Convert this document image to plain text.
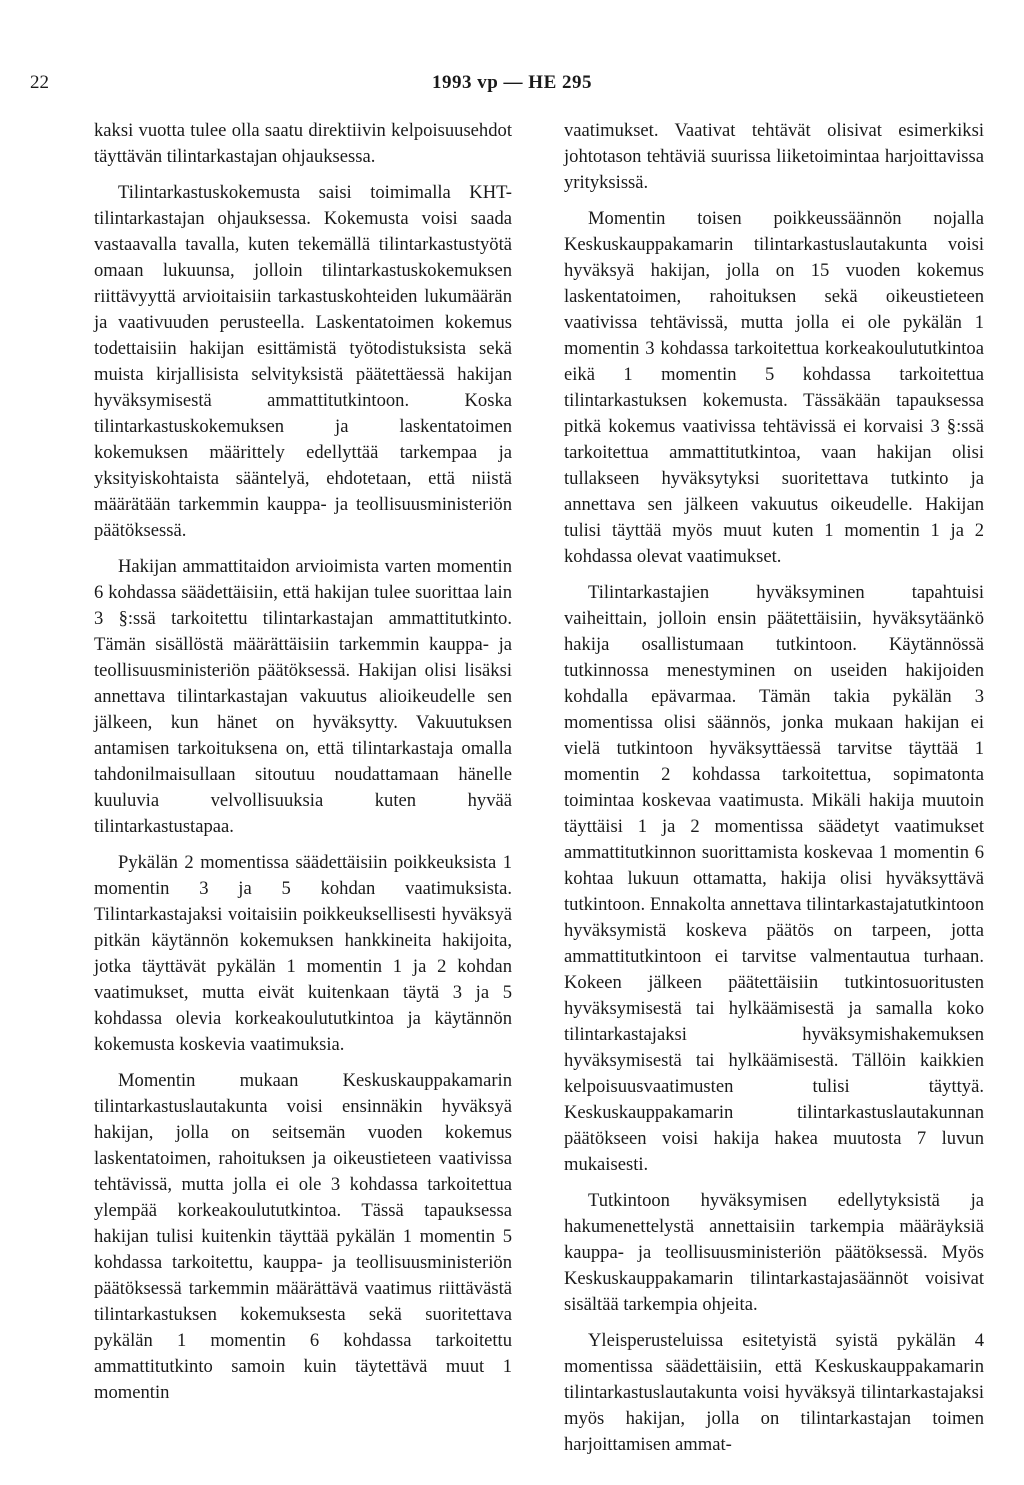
22	1993 vp — HE 295

kaksi vuotta tulee olla saatu direktiivin kelpoisuusehdot täyttävän tilintarkastajan ohjauksessa.

Tilintarkastuskokemusta saisi toimimalla KHT-tilintarkastajan ohjauksessa. Kokemusta voisi saada vastaavalla tavalla, kuten tekemällä tilintarkastustyötä omaan lukuunsa, jolloin tilintarkastuskokemuksen riittävyyttä arvioitaisiin tarkastuskohteiden lukumäärän ja vaativuuden perusteella. Laskentatoimen kokemus todettaisiin hakijan esittämistä työtodistuksista sekä muista kirjallisista selvityksistä päätettäessä hakijan hyväksymisestä ammattitutkintoon. Koska tilintarkastuskokemuksen ja laskentatoimen kokemuksen määrittely edellyttää tarkempaa ja yksityiskohtaista sääntelyä, ehdotetaan, että niistä määrätään tarkemmin kauppa- ja teollisuusministeriön päätöksessä.

Hakijan ammattitaidon arvioimista varten momentin 6 kohdassa säädettäisiin, että hakijan tulee suorittaa lain 3 §:ssä tarkoitettu tilintarkastajan ammattitutkinto. Tämän sisällöstä määrättäisiin tarkemmin kauppa- ja teollisuusministeriön päätöksessä. Hakijan olisi lisäksi annettava tilintarkastajan vakuutus alioikeudelle sen jälkeen, kun hänet on hyväksytty. Vakuutuksen antamisen tarkoituksena on, että tilintarkastaja omalla tahdonilmaisullaan sitoutuu noudattamaan hänelle kuuluvia velvollisuuksia kuten hyvää tilintarkastustapaa.

Pykälän 2 momentissa säädettäisiin poikkeuksista 1 momentin 3 ja 5 kohdan vaatimuksista. Tilintarkastajaksi voitaisiin poikkeuksellisesti hyväksyä pitkän käytännön kokemuksen hankkineita hakijoita, jotka täyttävät pykälän 1 momentin 1 ja 2 kohdan vaatimukset, mutta eivät kuitenkaan täytä 3 ja 5 kohdassa olevia korkeakoulututkintoa ja käytännön kokemusta koskevia vaatimuksia.

Momentin mukaan Keskuskauppakamarin tilintarkastuslautakunta voisi ensinnäkin hyväksyä hakijan, jolla on seitsemän vuoden kokemus laskentatoimen, rahoituksen ja oikeustieteen vaativissa tehtävissä, mutta jolla ei ole 3 kohdassa tarkoitettua ylempää korkeakoulututkintoa. Tässä tapauksessa hakijan tulisi kuitenkin täyttää pykälän 1 momentin 5 kohdassa tarkoitettu, kauppa- ja teollisuusministeriön päätöksessä tarkemmin määrättävä vaatimus riittävästä tilintarkastuksen kokemuksesta sekä suoritettava pykälän 1 momentin 6 kohdassa tarkoitettu ammattitutkinto samoin kuin täytettävä muut 1 momentin

vaatimukset. Vaativat tehtävät olisivat esimerkiksi johtotason tehtäviä suurissa liiketoimintaa harjoittavissa yrityksissä.

Momentin toisen poikkeussäännön nojalla Keskuskauppakamarin tilintarkastuslautakunta voisi hyväksyä hakijan, jolla on 15 vuoden kokemus laskentatoimen, rahoituksen sekä oikeustieteen vaativissa tehtävissä, mutta jolla ei ole pykälän 1 momentin 3 kohdassa tarkoitettua korkeakoulututkintoa eikä 1 momentin 5 kohdassa tarkoitettua tilintarkastuksen kokemusta. Tässäkään tapauksessa pitkä kokemus vaativissa tehtävissä ei korvaisi 3 §:ssä tarkoitettua ammattitutkintoa, vaan hakijan olisi tullakseen hyväksytyksi suoritettava tutkinto ja annettava sen jälkeen vakuutus oikeudelle. Hakijan tulisi täyttää myös muut kuten 1 momentin 1 ja 2 kohdassa olevat vaatimukset.

Tilintarkastajien hyväksyminen tapahtuisi vaiheittain, jolloin ensin päätettäisiin, hyväksytäänkö hakija osallistumaan tutkintoon. Käytännössä tutkinnossa menestyminen on useiden hakijoiden kohdalla epävarmaa. Tämän takia pykälän 3 momentissa olisi säännös, jonka mukaan hakijan ei vielä tutkintoon hyväksyttäessä tarvitse täyttää 1 momentin 2 kohdassa tarkoitettua, sopimatonta toimintaa koskevaa vaatimusta. Mikäli hakija muutoin täyttäisi 1 ja 2 momentissa säädetyt vaatimukset ammattitutkinnon suorittamista koskevaa 1 momentin 6 kohtaa lukuun ottamatta, hakija olisi hyväksyttävä tutkintoon. Ennakolta annettava tilintarkastajatutkintoon hyväksymistä koskeva päätös on tarpeen, jotta ammattitutkintoon ei tarvitse valmentautua turhaan. Kokeen jälkeen päätettäisiin tutkintosuoritusten hyväksymisestä tai hylkäämisestä ja samalla koko tilintarkastajaksi hyväksymishakemuksen hyväksymisestä tai hylkäämisestä. Tällöin kaikkien kelpoisuusvaatimusten tulisi täyttyä. Keskuskauppakamarin tilintarkastuslautakunnan päätökseen voisi hakija hakea muutosta 7 luvun mukaisesti.

Tutkintoon hyväksymisen edellytyksistä ja hakumenettelystä annettaisiin tarkempia määräyksiä kauppa- ja teollisuusministeriön päätöksessä. Myös Keskuskauppakamarin tilintarkastajasäännöt voisivat sisältää tarkempia ohjeita.

Yleisperusteluissa esitetyistä syistä pykälän 4 momentissa säädettäisiin, että Keskuskauppakamarin tilintarkastuslautakunta voisi hyväksyä tilintarkastajaksi myös hakijan, jolla on tilintarkastajan toimen harjoittamisen ammat-
